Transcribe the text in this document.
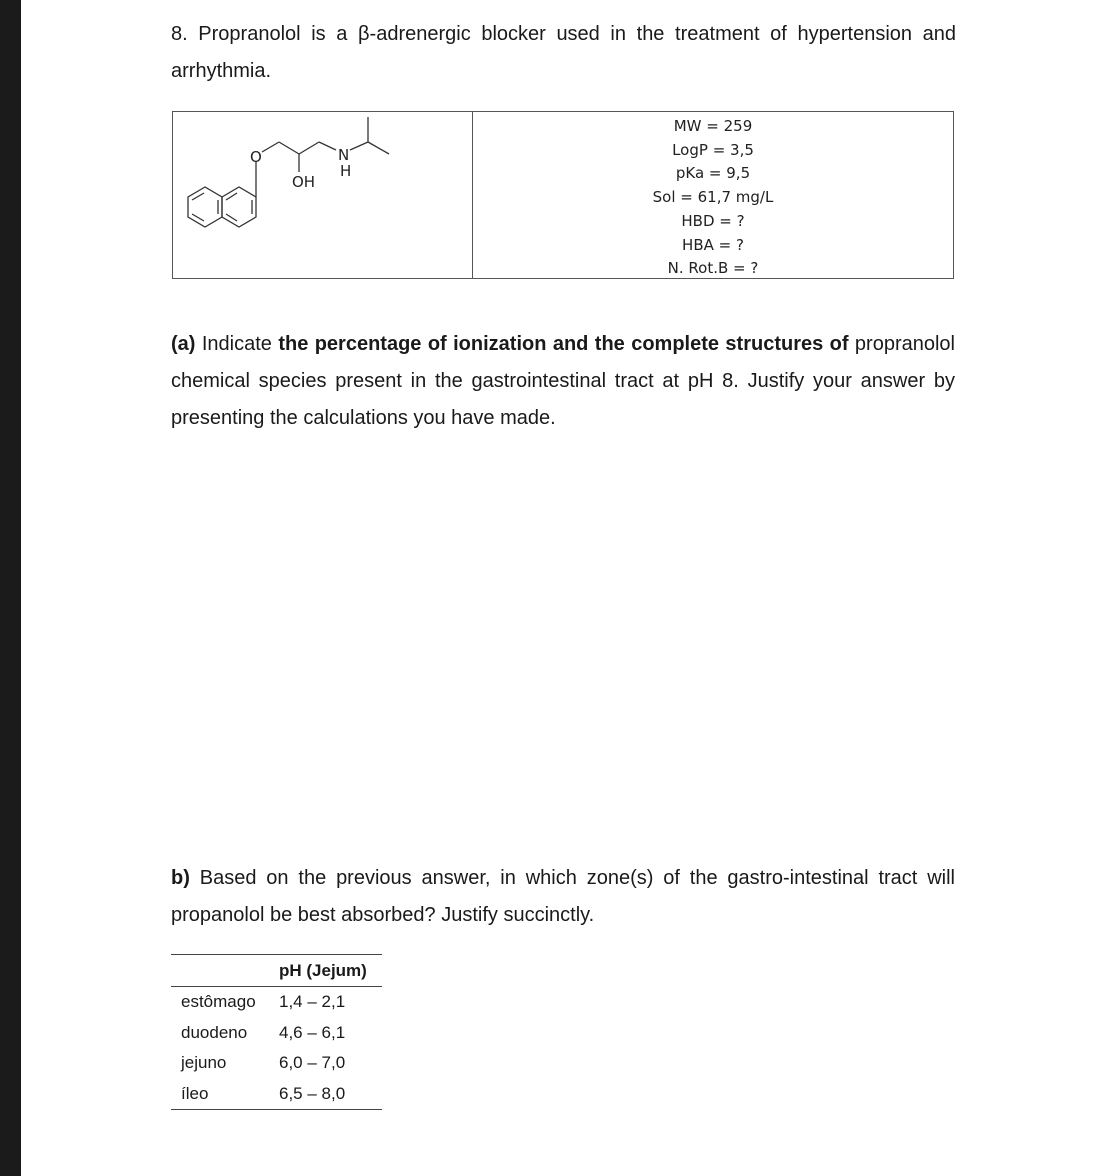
8. Propranolol is a β-adrenergic blocker used in the treatment of hypertension and arrhythmia.
O	N
H
OH
MW = 259
LogP = 3,5
pKa = 9,5
Sol = 61,7 mg/L
HBD = ?
HBA = ?
N. Rot.B = ?
(a) Indicate the percentage of ionization and the complete structures of propranolol chemical species present in the gastrointestinal tract at pH 8. Justify your answer by presenting the calculations you have made.
b) Based on the previous answer, in which zone(s) of the gastro-intestinal tract will propanolol be best absorbed? Justify succinctly.
	pH (Jejum)
estômago	1,4 – 2,1
duodeno	4,6 – 6,1
jejuno	6,0 – 7,0
íleo	6,5 – 8,0
